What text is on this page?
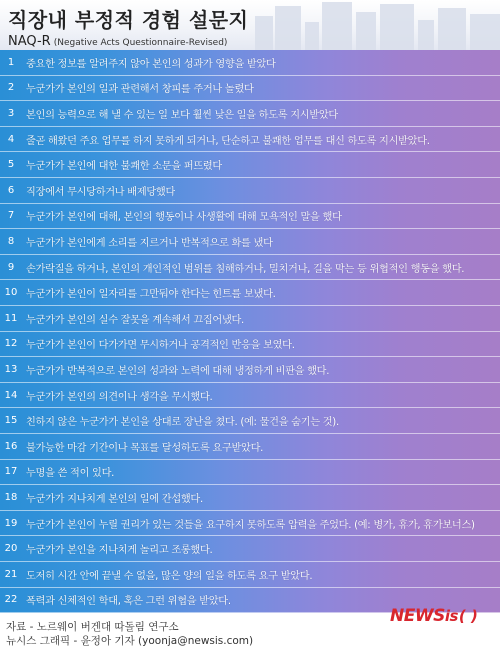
직장내 부정적 경험 설문지
NAQ-R (Negative Acts Questionnaire-Revised)
1	중요한 정보를 알려주지 않아 본인의 성과가 영향을 받았다
2	누군가가 본인의 일과 관련해서 창피를 주거나 놀렸다
3	본인의 능력으로 해 낼 수 있는 일 보다 훨씬 낮은 일을 하도록 지시받았다
4	줄곧 해왔던 주요 업무를 하지 못하게 되거나, 단순하고 불쾌한 업무를 대신 하도록 지시받았다.
5	누군가가 본인에 대한 불쾌한 소문을 퍼뜨렸다
6	직장에서 무시당하거나 배제당했다
7	누군가가 본인에 대해, 본인의 행동이나 사생활에 대해 모욕적인 말을 했다
8	누군가가 본인에게 소리를 지르거나 반복적으로 화를 냈다
9	손가락질을 하거나, 본인의 개인적인 범위를 침해하거나, 밀치거나, 길을 막는 등 위협적인 행동을 했다.
10 누군가가 본인이 일자리를 그만둬야 한다는 힌트를 보냈다.
11 누군가가 본인의 실수 잘못을 계속해서 끄집어냈다.
12 누군가가 본인이 다가가면 무시하거나 공격적인 반응을 보였다.
13 누군가가 반복적으로 본인의 성과와 노력에 대해 냉정하게 비판을 했다.
14 누군가가 본인의 의견이나 생각을 무시했다.
15 친하지 않은 누군가가 본인을 상대로 장난을 쳤다. (예: 물건을 숨기는 것).
16 불가능한 마감 기간이나 목표를 달성하도록 요구받았다.
17 누명을 쓴 적이 있다.
18 누군가가 지나치게 본인의 일에 간섭했다.
19 누군가가 본인이 누릴 권리가 있는 것들을 요구하지 못하도록 압력을 주었다. (예: 병가, 휴가, 휴가보너스)
20 누군가가 본인을 지나치게 놀리고 조롱했다.
21 도저히 시간 안에 끝낼 수 없을, 많은 양의 일을 하도록 요구 받았다.
22 폭력과 신체적인 학대, 혹은 그런 위협을 받았다.
NEWS is ( )
자료 - 노르웨이 버겐대 따돌림 연구소
뉴시스 그래픽 - 윤정아 기자 (yoonja@newsis.com)
